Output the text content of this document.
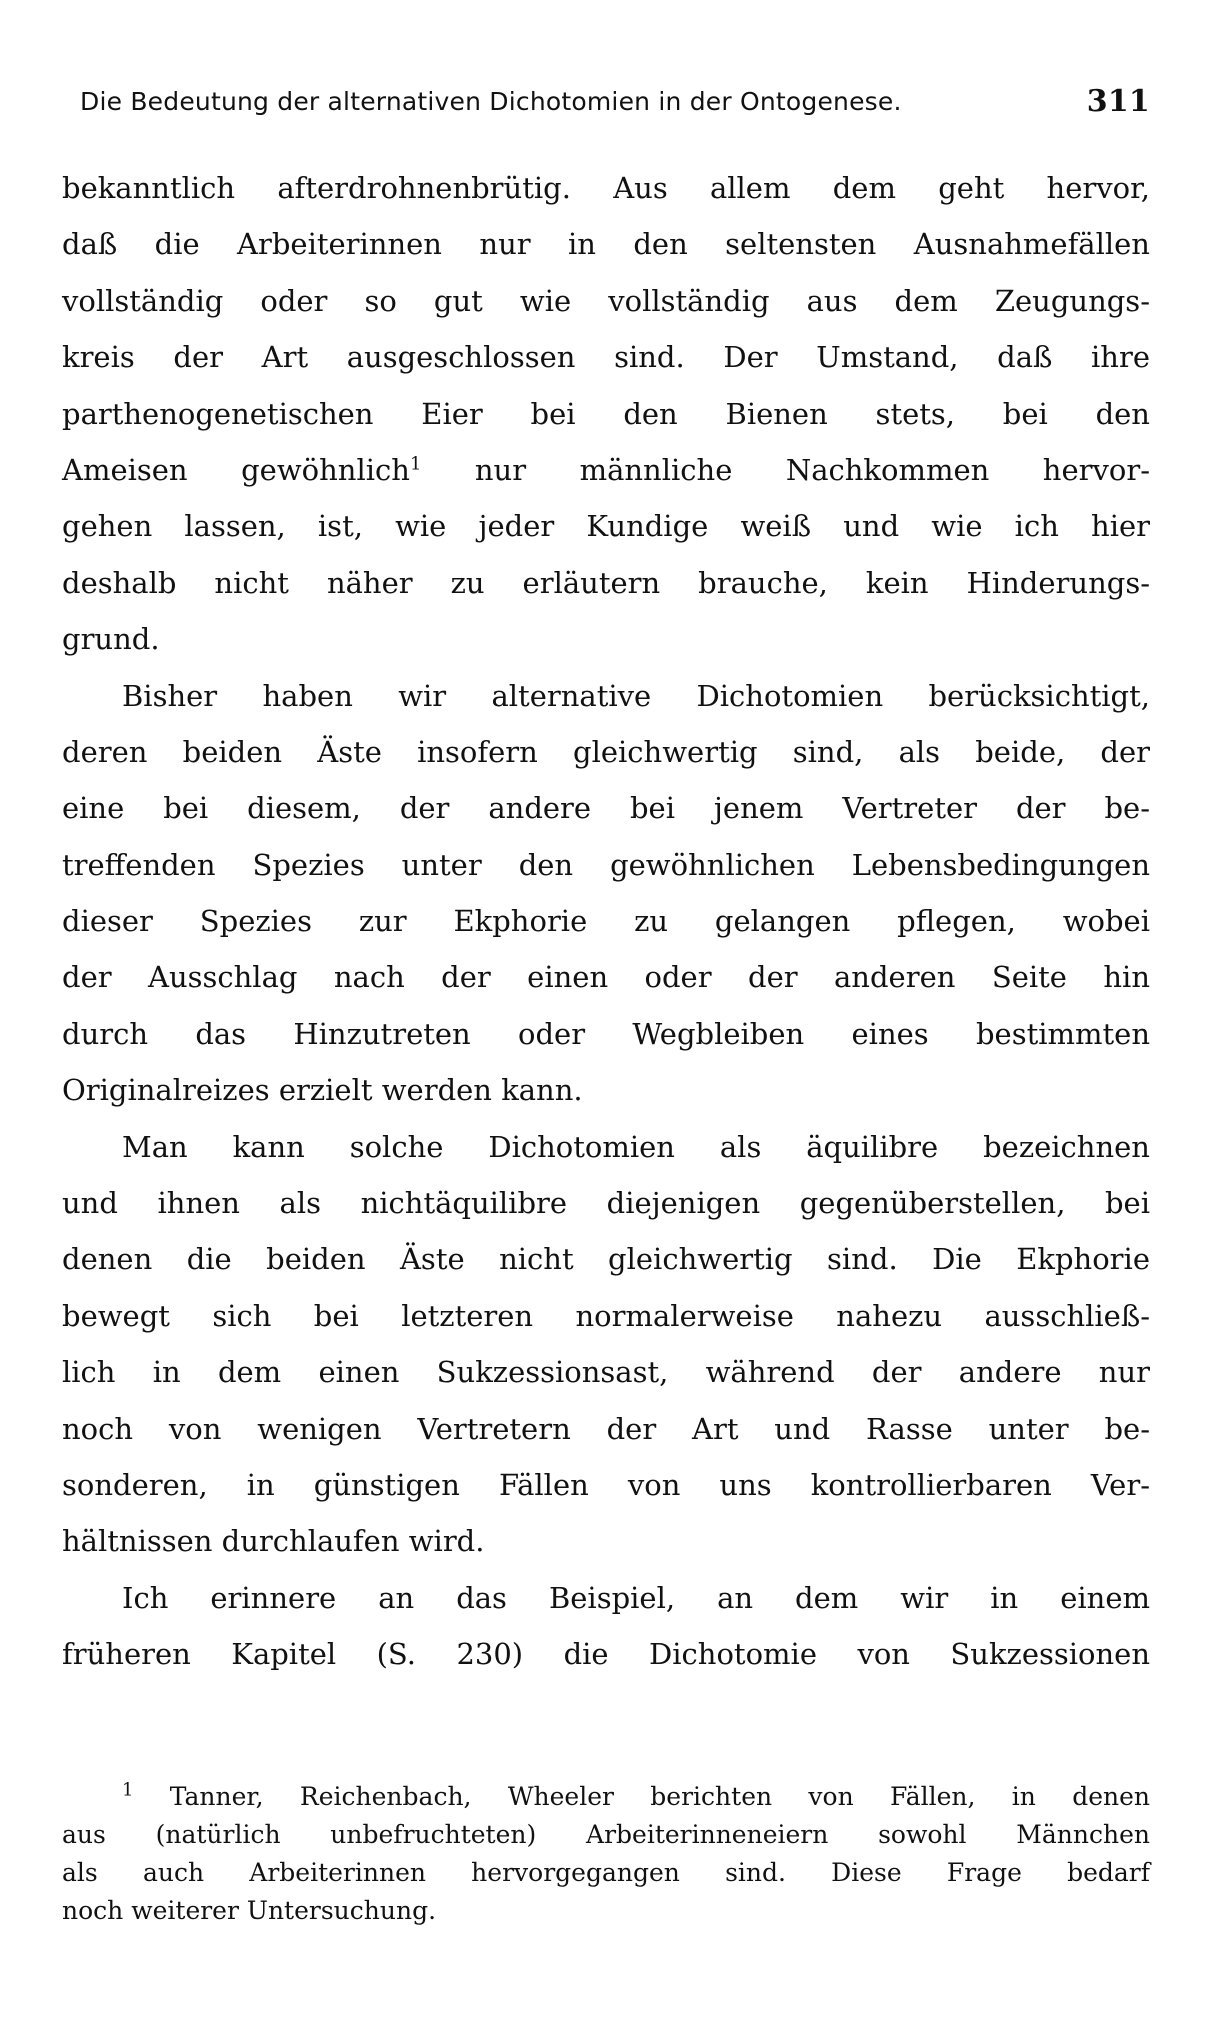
Die Bedeutung der alternativen Dichotomien in der Ontogenese.	311
bekanntlich afterdrohnenbrütig. Aus allem dem geht hervor,
daß die Arbeiterinnen nur in den seltensten Ausnahmefällen
vollständig oder so gut wie vollständig aus dem Zeugungs-
kreis der Art ausgeschlossen sind. Der Umstand, daß ihre
parthenogenetischen Eier bei den Bienen stets, bei den
Ameisen gewöhnlich$^1$ nur männliche Nachkommen hervor-
gehen lassen, ist, wie jeder Kundige weiß und wie ich hier
deshalb nicht näher zu erläutern brauche, kein Hinderungs-
grund.
Bisher haben wir alternative Dichotomien berücksichtigt,
deren beiden Äste insofern gleichwertig sind, als beide, der
eine bei diesem, der andere bei jenem Vertreter der be-
treffenden Spezies unter den gewöhnlichen Lebensbedingungen
dieser Spezies zur Ekphorie zu gelangen pflegen, wobei
der Ausschlag nach der einen oder der anderen Seite hin
durch das Hinzutreten oder Wegbleiben eines bestimmten
Originalreizes erzielt werden kann.
Man kann solche Dichotomien als äquilibre bezeichnen
und ihnen als nichtäquilibre diejenigen gegenüberstellen, bei
denen die beiden Äste nicht gleichwertig sind. Die Ekphorie
bewegt sich bei letzteren normalerweise nahezu ausschließ-
lich in dem einen Sukzessionsast, während der andere nur
noch von wenigen Vertretern der Art und Rasse unter be-
sonderen, in günstigen Fällen von uns kontrollierbaren Ver-
hältnissen durchlaufen wird.
Ich erinnere an das Beispiel, an dem wir in einem
früheren Kapitel (S. 230) die Dichotomie von Sukzessionen
$^1$ Tanner, Reichenbach, Wheeler berichten von Fällen, in denen
aus (natürlich unbefruchteten) Arbeiterinneneiern sowohl Männchen
als auch Arbeiterinnen hervorgegangen sind. Diese Frage bedarf
noch weiterer Untersuchung.
